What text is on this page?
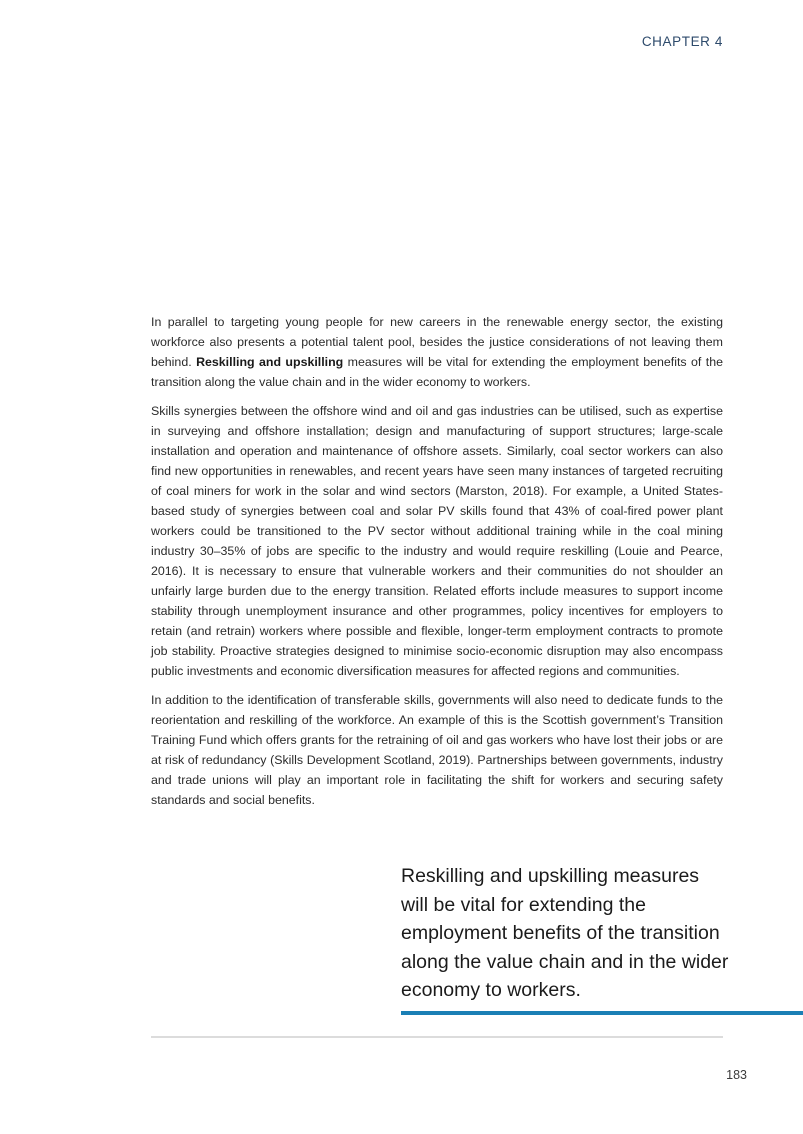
CHAPTER 4

In parallel to targeting young people for new careers in the renewable energy sector, the existing workforce also presents a potential talent pool, besides the justice considerations of not leaving them behind. Reskilling and upskilling measures will be vital for extending the employment benefits of the transition along the value chain and in the wider economy to workers.

Skills synergies between the offshore wind and oil and gas industries can be utilised, such as expertise in surveying and offshore installation; design and manufacturing of support structures; large-scale installation and operation and maintenance of offshore assets. Similarly, coal sector workers can also find new opportunities in renewables, and recent years have seen many instances of targeted recruiting of coal miners for work in the solar and wind sectors (Marston, 2018). For example, a United States-based study of synergies between coal and solar PV skills found that 43% of coal-fired power plant workers could be transitioned to the PV sector without additional training while in the coal mining industry 30–35% of jobs are specific to the industry and would require reskilling (Louie and Pearce, 2016). It is necessary to ensure that vulnerable workers and their communities do not shoulder an unfairly large burden due to the energy transition. Related efforts include measures to support income stability through unemployment insurance and other programmes, policy incentives for employers to retain (and retrain) workers where possible and flexible, longer-term employment contracts to promote job stability. Proactive strategies designed to minimise socio-economic disruption may also encompass public investments and economic diversification measures for affected regions and communities.

In addition to the identification of transferable skills, governments will also need to dedicate funds to the reorientation and reskilling of the workforce. An example of this is the Scottish government’s Transition Training Fund which offers grants for the retraining of oil and gas workers who have lost their jobs or are at risk of redundancy (Skills Development Scotland, 2019). Partnerships between governments, industry and trade unions will play an important role in facilitating the shift for workers and securing safety standards and social benefits.

Reskilling and upskilling measures will be vital for extending the employment benefits of the transition along the value chain and in the wider economy to workers.
183
